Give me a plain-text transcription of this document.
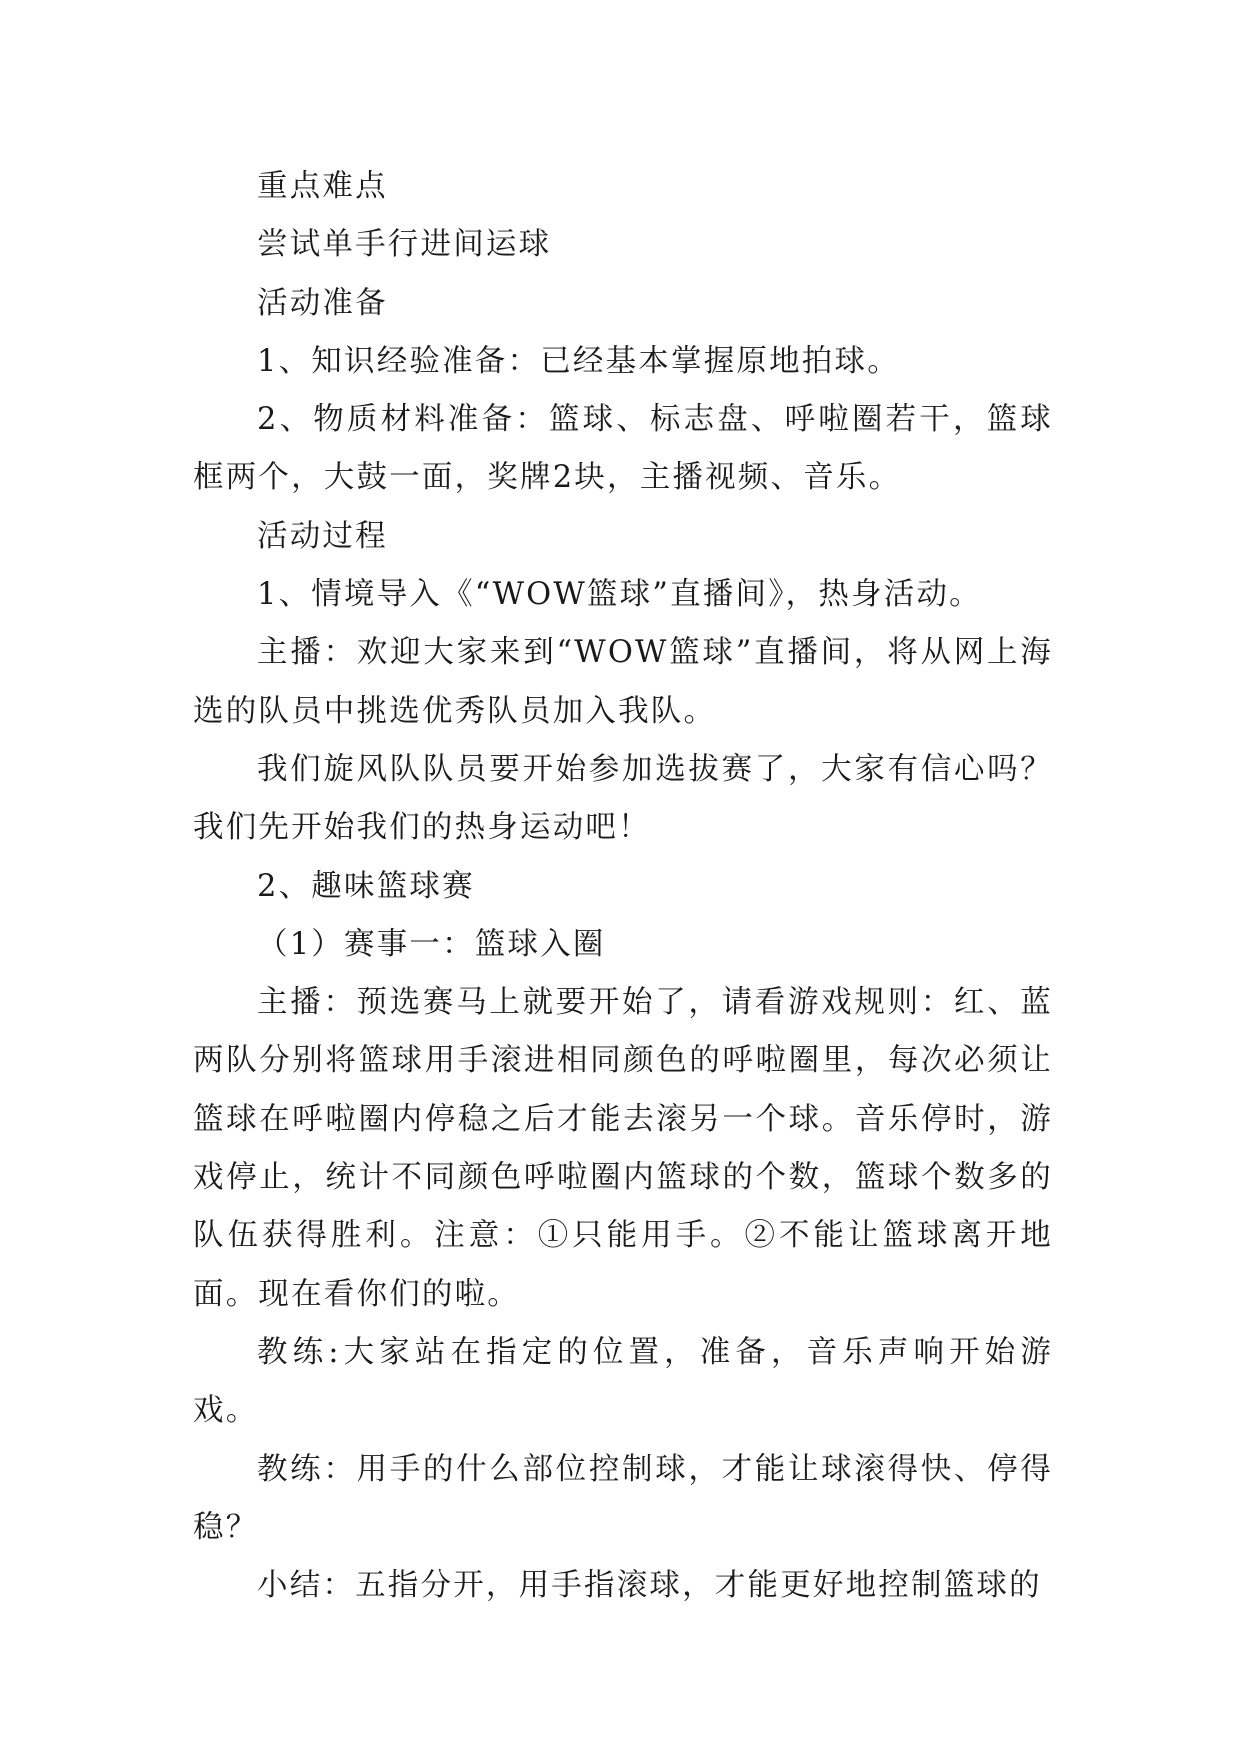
重点难点

尝试单手行进间运球

活动准备

1、知识经验准备：已经基本掌握原地拍球。

2、物质材料准备：篮球、标志盘、呼啦圈若干，篮球框两个，大鼓一面，奖牌2块，主播视频、音乐。

活动过程

1、情境导入《“WOW篮球”直播间》，热身活动。

主播：欢迎大家来到“WOW篮球”直播间，将从网上海选的队员中挑选优秀队员加入我队。

我们旋风队队员要开始参加选拔赛了，大家有信心吗？我们先开始我们的热身运动吧！

2、趣味篮球赛

（1）赛事一：篮球入圈

主播：预选赛马上就要开始了，请看游戏规则：红、蓝两队分别将篮球用手滚进相同颜色的呼啦圈里，每次必须让篮球在呼啦圈内停稳之后才能去滚另一个球。音乐停时，游戏停止，统计不同颜色呼啦圈内篮球的个数，篮球个数多的队伍获得胜利。注意：①只能用手。②不能让篮球离开地面。现在看你们的啦。

教练:大家站在指定的位置，准备，音乐声响开始游戏。

教练：用手的什么部位控制球，才能让球滚得快、停得稳？

小结：五指分开，用手指滚球，才能更好地控制篮球的
